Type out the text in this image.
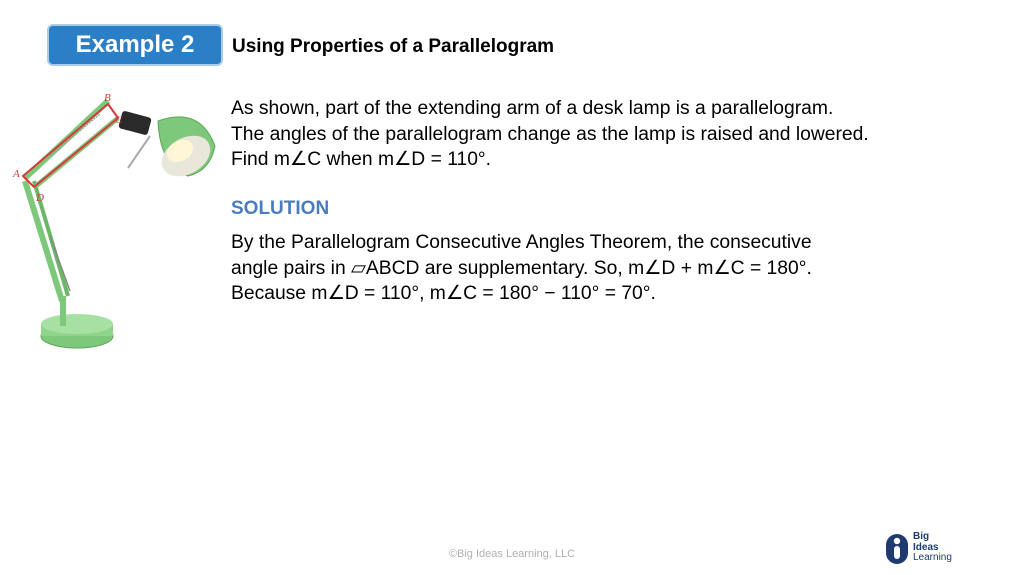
Example 2 Using Properties of a Parallelogram
B
C
A
D
As shown, part of the extending arm of a desk lamp is a parallelogram.
The angles of the parallelogram change as the lamp is raised and lowered.
Find m∠C when m∠D = 110°.
SOLUTION
By the Parallelogram Consecutive Angles Theorem, the consecutive
angle pairs in ▱ABCD are supplementary. So, m∠D + m∠C = 180°.
Because m∠D = 110°, m∠C = 180° − 110° = 70°.
©Big Ideas Learning, LLC
Big
Ideas
Learning
